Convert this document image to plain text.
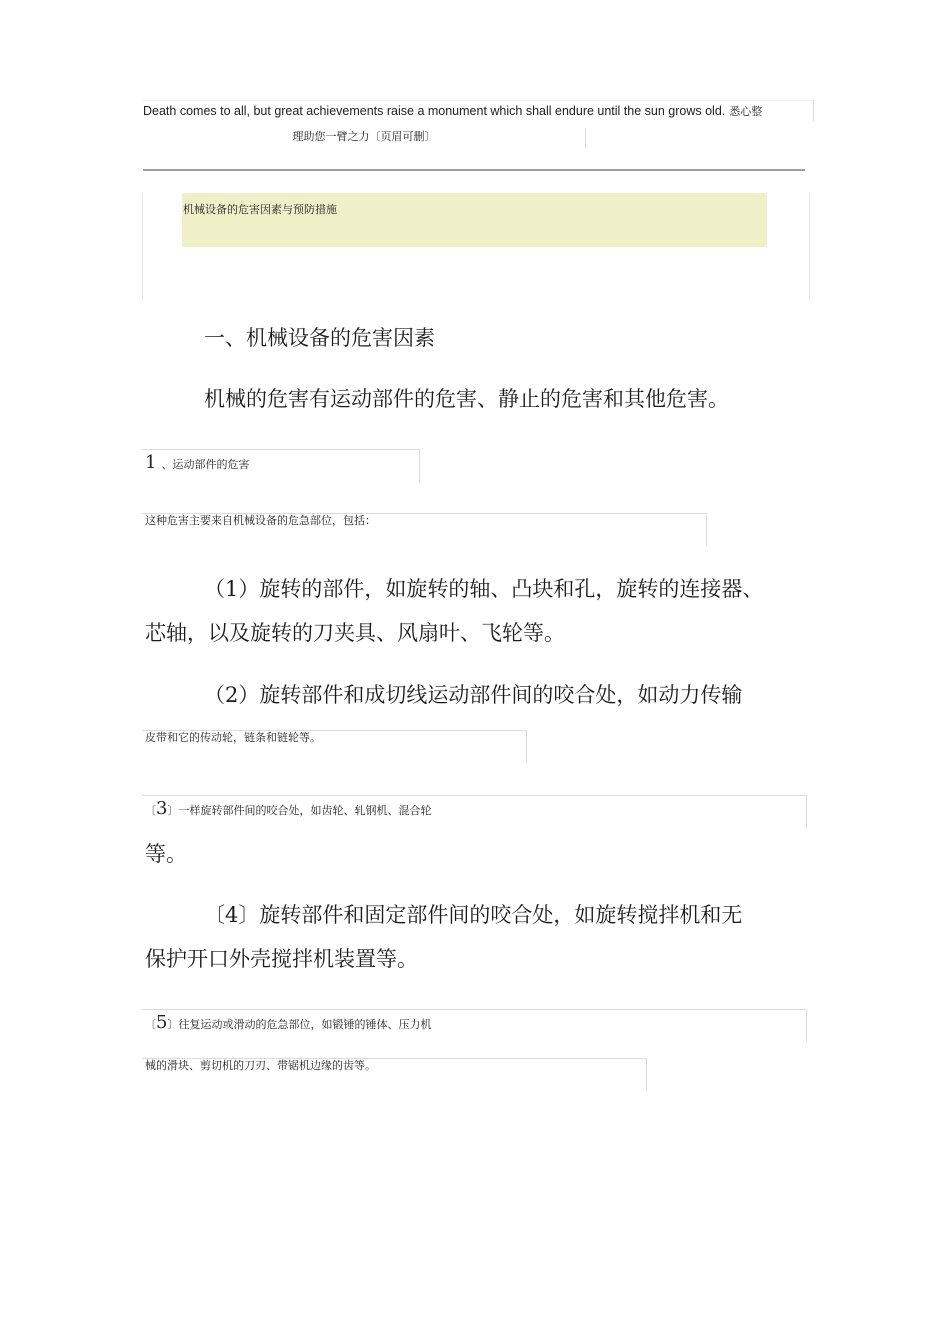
Death comes to all, but great achievements raise a monument which shall endure until the sun grows old. 悉心整
理助您一臂之力〔页眉可删〕
机械设备的危害因素与预防措施
一、机械设备的危害因素
机械的危害有运动部件的危害、静止的危害和其他危害。
1 、运动部件的危害
这种危害主要来自机械设备的危急部位，包括：
（1）旋转的部件，如旋转的轴、凸块和孔，旋转的连接器、
芯轴，以及旋转的刀夹具、风扇叶、飞轮等。
（2）旋转部件和成切线运动部件间的咬合处，如动力传输
皮带和它的传动轮，链条和链轮等。
〔3〕一样旋转部件间的咬合处，如齿轮、轧钢机、混合轮
等。
〔4〕旋转部件和固定部件间的咬合处，如旋转搅拌机和无
保护开口外壳搅拌机装置等。
〔5〕往复运动或滑动的危急部位，如锻锤的锤体、压力机
械的滑块、剪切机的刀刃、带锯机边缘的齿等。
